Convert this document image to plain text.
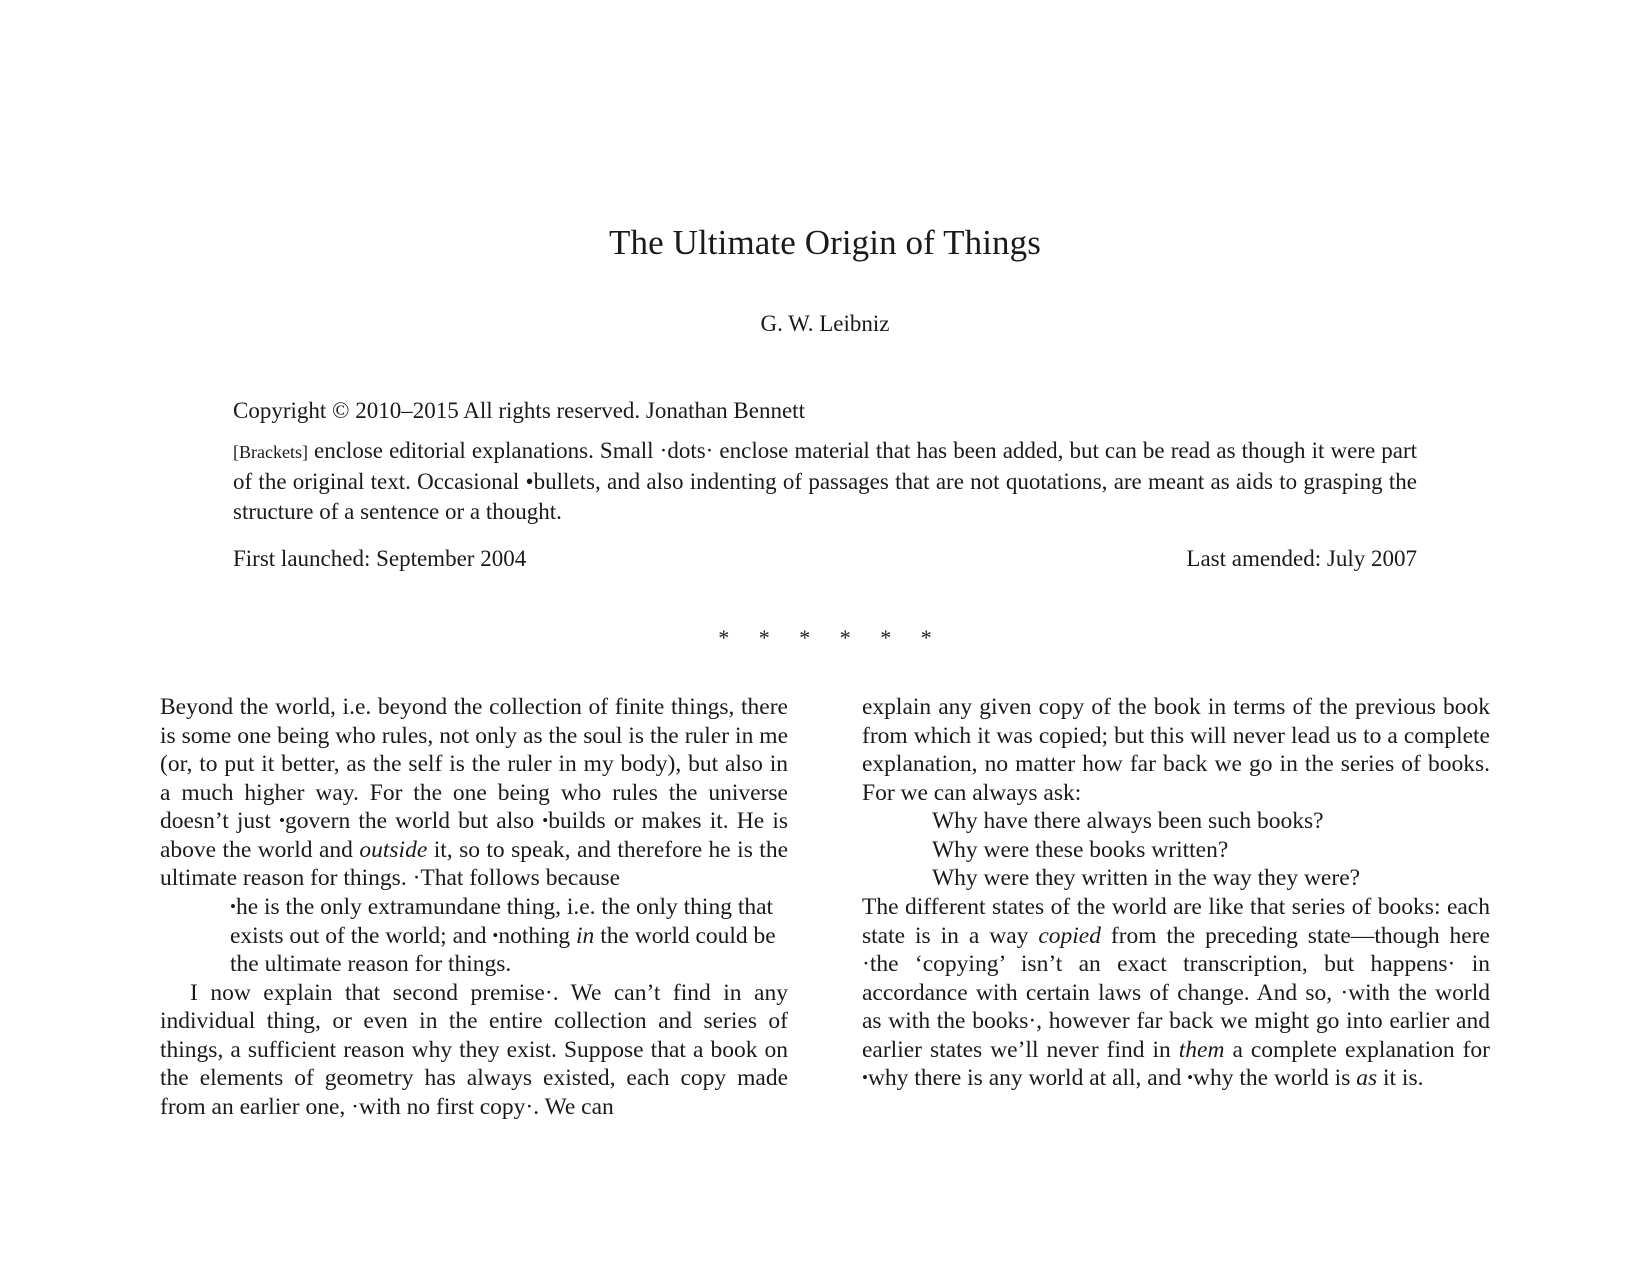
The Ultimate Origin of Things
G. W. Leibniz
Copyright © 2010–2015 All rights reserved. Jonathan Bennett
[Brackets] enclose editorial explanations. Small ·dots· enclose material that has been added, but can be read as though it were part of the original text. Occasional •bullets, and also indenting of passages that are not quotations, are meant as aids to grasping the structure of a sentence or a thought.
First launched: September 2004	Last amended: July 2007
* * * * * *

Beyond the world, i.e. beyond the collection of finite things, there is some one being who rules, not only as the soul is the ruler in me (or, to put it better, as the self is the ruler in my body), but also in a much higher way. For the one being who rules the universe doesn’t just •govern the world but also •builds or makes it. He is above the world and outside it, so to speak, and therefore he is the ultimate reason for things. ·That follows because

•he is the only extramundane thing, i.e. the only thing that exists out of the world; and •nothing in the world could be the ultimate reason for things.

I now explain that second premise·. We can’t find in any individual thing, or even in the entire collection and series of things, a sufficient reason why they exist. Suppose that a book on the elements of geometry has always existed, each copy made from an earlier one, ·with no first copy·. We can

explain any given copy of the book in terms of the previous book from which it was copied; but this will never lead us to a complete explanation, no matter how far back we go in the series of books. For we can always ask:

Why have there always been such books?

Why were these books written?

Why were they written in the way they were?

The different states of the world are like that series of books: each state is in a way copied from the preceding state—though here ·the ‘copying’ isn’t an exact transcription, but happens· in accordance with certain laws of change. And so, ·with the world as with the books·, however far back we might go into earlier and earlier states we’ll never find in them a complete explanation for •why there is any world at all, and •why the world is as it is.
